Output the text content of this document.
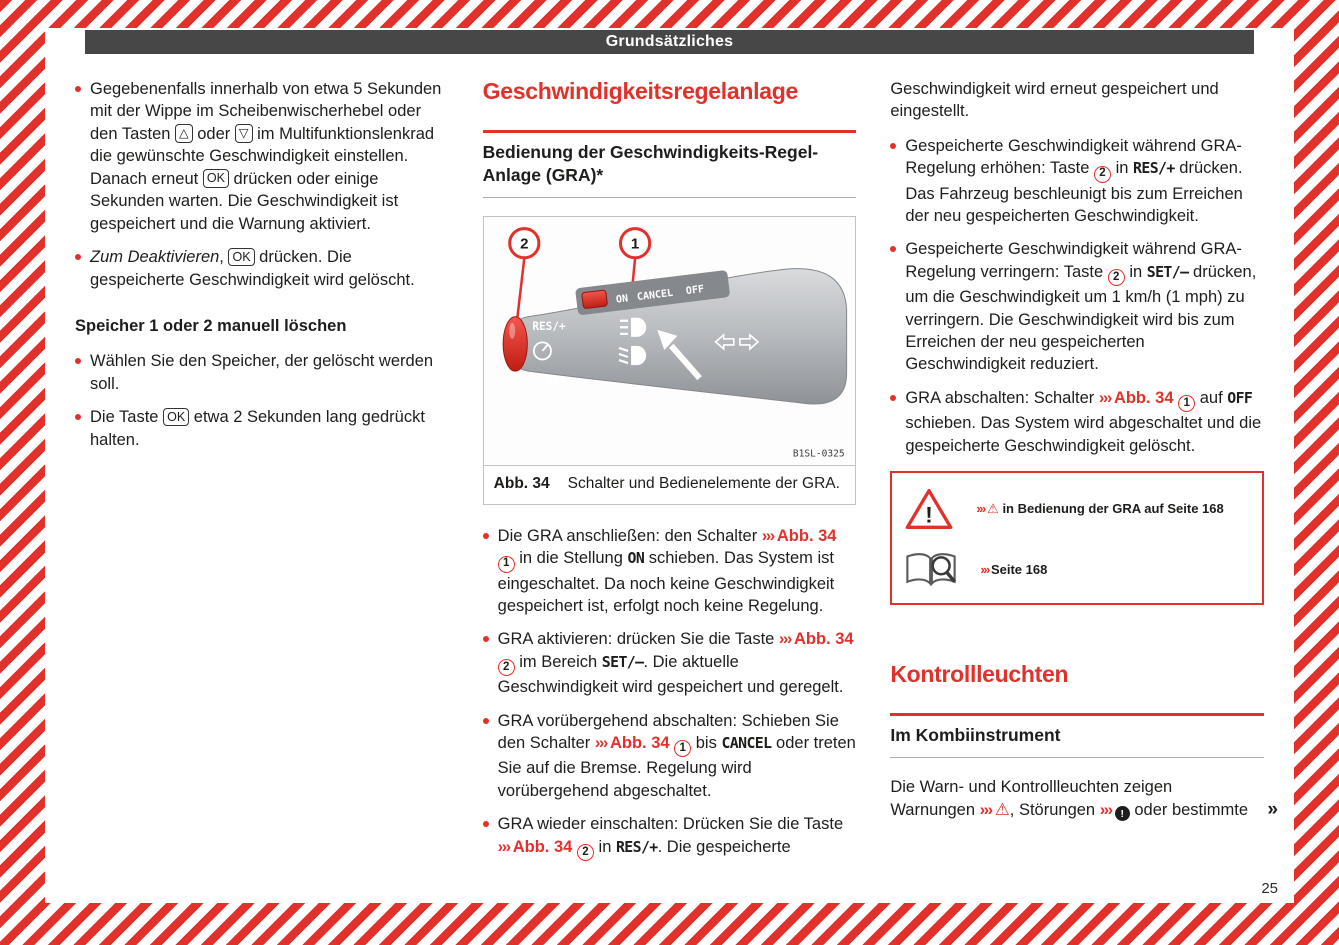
Grundsätzliches

Gegebenenfalls innerhalb von etwa 5 Sekunden mit der Wippe im Scheibenwischerhebel oder den Tasten △ oder ▽ im Multifunktionslenkrad die gewünschte Geschwindigkeit einstellen. Danach erneut OK drücken oder einige Sekunden warten. Die Geschwindigkeit ist gespeichert und die Warnung aktiviert.

Zum Deaktivieren, OK drücken. Die gespeicherte Geschwindigkeit wird gelöscht.

Speicher 1 oder 2 manuell löschen

Wählen Sie den Speicher, der gelöscht werden soll.

Die Taste OK etwa 2 Sekunden lang gedrückt halten.

Geschwindigkeitsregelanlage
Bedienung der Geschwindigkeits-Regel-Anlage (GRA)*
ON CANCEL OFF
RES/+
SET/–
2	1
B1SL-0325
Abb. 34 Schalter und Bedienelemente der GRA.

Die GRA anschließen: den Schalter ››› Abb. 34 1 in die Stellung ON schieben. Das System ist eingeschaltet. Da noch keine Geschwindigkeit gespeichert ist, erfolgt noch keine Regelung.

GRA aktivieren: drücken Sie die Taste ››› Abb. 34 2 im Bereich SET/–. Die aktuelle Geschwindigkeit wird gespeichert und geregelt.

GRA vorübergehend abschalten: Schieben Sie den Schalter ››› Abb. 34 1 bis CANCEL oder treten Sie auf die Bremse. Regelung wird vorübergehend abgeschaltet.

GRA wieder einschalten: Drücken Sie die Taste ››› Abb. 34 2 in RES/+. Die gespeicherte

Geschwindigkeit wird erneut gespeichert und eingestellt.

Gespeicherte Geschwindigkeit während GRA-Regelung erhöhen: Taste 2 in RES/+ drücken. Das Fahrzeug beschleunigt bis zum Erreichen der neu gespeicherten Geschwindigkeit.

Gespeicherte Geschwindigkeit während GRA-Regelung verringern: Taste 2 in SET/– drücken, um die Geschwindigkeit um 1 km/h (1 mph) zu verringern. Die Geschwindigkeit wird bis zum Erreichen der neu gespeicherten Geschwindigkeit reduziert.

GRA abschalten: Schalter ››› Abb. 34 1 auf OFF schieben. Das System wird abgeschaltet und die gespeicherte Geschwindigkeit gelöscht.

!	››› ⚠ in Bedienung der GRA auf Seite 168

››› Seite 168

Kontrollleuchten
Im Kombiinstrument

Die Warn- und Kontrollleuchten zeigen Warnungen ››› ⚠, Störungen ››› ! oder bestimmte	»
25
